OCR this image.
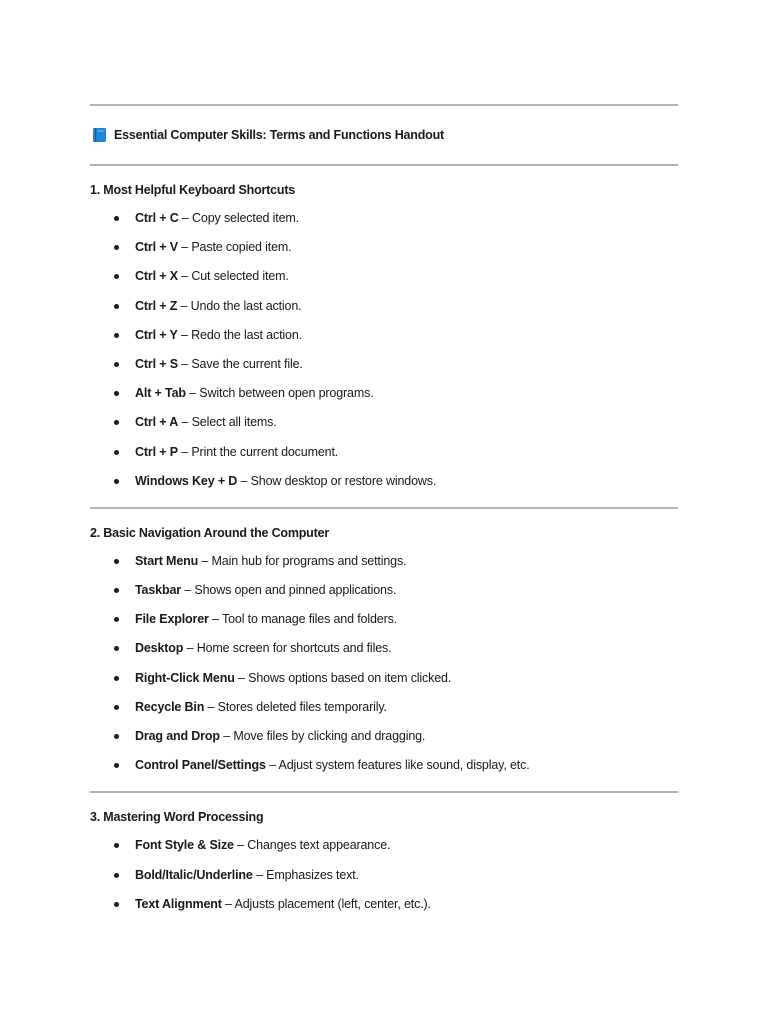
Essential Computer Skills: Terms and Functions Handout
1. Most Helpful Keyboard Shortcuts
Ctrl + C – Copy selected item.
Ctrl + V – Paste copied item.
Ctrl + X – Cut selected item.
Ctrl + Z – Undo the last action.
Ctrl + Y – Redo the last action.
Ctrl + S – Save the current file.
Alt + Tab – Switch between open programs.
Ctrl + A – Select all items.
Ctrl + P – Print the current document.
Windows Key + D – Show desktop or restore windows.
2. Basic Navigation Around the Computer
Start Menu – Main hub for programs and settings.
Taskbar – Shows open and pinned applications.
File Explorer – Tool to manage files and folders.
Desktop – Home screen for shortcuts and files.
Right-Click Menu – Shows options based on item clicked.
Recycle Bin – Stores deleted files temporarily.
Drag and Drop – Move files by clicking and dragging.
Control Panel/Settings – Adjust system features like sound, display, etc.
3. Mastering Word Processing
Font Style & Size – Changes text appearance.
Bold/Italic/Underline – Emphasizes text.
Text Alignment – Adjusts placement (left, center, etc.).
